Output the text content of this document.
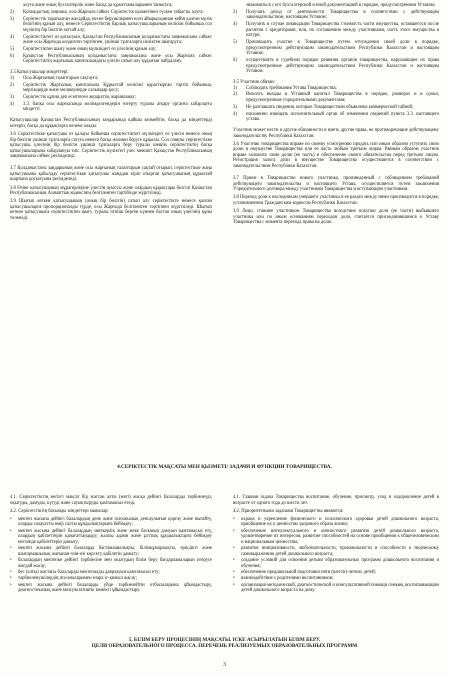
алуға және оның бухгалтерлік және басқа да құжаттамаларымен танысуға;
2)	Қоғамдастық заңнама, осы Жарғыға сәйкес Серіктестік қызметінен түскен табысты алуға;
3)	Серіктестік таратылған жағдайда, несие берушілермен есеп айырысқаннан кейін қалған мүлік бөлігінің құнын алу, немесе Серіктестіктің барлық қатысушыларының келісімі бойынша сол мүліктің бір бөлігін заттай алу;
4)	Серіктестіктегі өз қатысуын, Қазақстан Республикасының қолданыстағы заңнамасына сәйкес және осы Жарғыда көзделген тәртіппен, үшінші тұлғаларға иеліктен шығаруға;
5)	Серіктестіктен шығу және оның мүлкіндегі өз үлесінің құнын алу;
6)	Қазақстан Республикасының қолданыстағы заңнамасына және осы Жарғыға сәйкес Серіктестіктің жарғылық капиталындағы үлесін сатып алу құқығын пайдалану.

3.5 Қатысушылар міндеттері:

1)	Осы Жарғының талаптарын сақтауға;
2)	Серіктестік Жарғылық капиталына Құрылтай келісімі қарастырған тәртіп бойынша, мерзімдерде және мөлшерлерде салымдар қосу;
3)	Серіктестік құпия деп есептеген ақпаратты жарияламау;
4)	3.3. бапқа осы жарғысында мәлімделгендерін өзгерту туралы атқару органға хабарлауға міндетті.

Қатысушылар Қазақстан Республикасының заңдарында қайшы келмейтін, басқа да міндеттерді көтеріп, басқа да құқықтарға иелене алады.

3.6 Серіктестікке қатысушы өз қалауы бойынша серіктестіктегі мүлкіндегі өз үлесін немесе оның бір бөлігін үшінші тұлғаларға сатуға немесе басқа жолмен беруге құқылы. Сол сияқты серіктестікке қатысушы үлесінің бір бөлігін үшінші тұлғаларға беру туралы шешім серіктестіктің басқа қатысушыларына хабарлануы тиіс. Серіктестік мүліктегі үлес меншігі Қазақстан Республикасының заңнамасына сәйкес ресімделеді.

3.7 Қолданыстағы заңдарының және осы жарғының талаптарын сақтай отырып, серіктестікке жаңа қатысушыны қабылдау серіктестікке қатысушы жаңадан кіріп отырған қатысушының құрылтай шартына қосылуына ресімделеді.

3.8 Өзіне қатысушының мұрагерлеріне үлестің ауысуы және олардың құқықтары белгілі Қазақстан Республикасының Азаматтық кодексінің белгіленген тәртібінде жүргізіледі.

3.9 Шығып кеткен қатысушының (оның бір бөлігін) сатып алу серіктестікте немесе қалған қатысушыларға пропорционалды түрде, осы Жарғыда белгіленген тәртіппен жүргізіледі. Шығып кеткен қатысушыға серіктестіктен шығу туралы өтініш берген күннен бастап оның үлесінің құны төленеді.

знакомиться с его бухгалтерской и иной документацией в порядке, предусмотренном Уставом;
3)	Получать доход от деятельности Товарищества в соответствии с действующим законодательством, настоящим Уставом;
4)	Получить в случае ликвидации Товарищества стоимость части имущества, оставшегося после расчетов с кредиторами, или, по соглашению между участниками, часть этого имущества в натуре;
5)	Производить участие в Товариществе путем отчуждения своей доли в порядке, предусмотренном действующим законодательством Республики Казахстан и настоящим Уставом;
6)	осуществлять в судебном порядке решения органов товарищества, нарушающие их права предусмотренные действующим законодательством Республики Казахстан и настоящим Уставом.

3.5 Участник обязан:

1)	Соблюдать требования Устава Товарищества;
2)	Вносить вклады в Уставный капитал Товарищества в порядке, размерах и в сроки, предусмотренные учредительными документами;
3)	Не разглашать сведения, которые Товариществом объявлены коммерческой тайной;
4)	письменно извещать исполнительный орган об изменении сведений пункта 3.3. настоящего устава.

Участник может нести и другие обязанности и иметь другие права, не противоречащие действующему законодательству Республики Казахстан.

3.6 Участник товарищества вправе по своему усмотрению продать или иным образом уступить свою долю в имуществе Товарищества или ее часть любым третьим лицам. Равным образом участник вправе заложить свою долю (ее часть) в обеспечение своего обязательства перед третьим лицом. Регистрация залога доли в имуществе Товарищества осуществляется в соответствии с законодательством Республики Казахстан.

3.7 Прием в Товарищество нового участника, произведенный с соблюдением требований действующего законодательства и настоящего Устава, осуществляется путем заключения Учредительного договора между участником Товарищества и вступающим участником.

3.8 Переход доли к наследникам умершего участника и ее раздел между ними производится в порядке, установленном Гражданским кодексом Республики Казахстан.

3.9 Лицо, ставшее участником Товарищества вследствие покупки доли (ее части) выбывшего участника или по иным основаниям переходов доли, считается присоединившимся к Уставу Товарищества с момента перехода права на долю.

4.СЕРІКТЕСТІК МАҚСАТЫ МЕН ҚЫЗМЕТІ/ ЗАДАЧИ И ФУНКЦИИ ТОВАРИЩЕСТВА.

4.1. Серіктестіктің негізгі мақсат бір жастан алты (жеті) жасқа дейінгі балаларды тәрбиелеуді, оқытуды, дамуды, күтуді және сауықтыруды қамтамасыз етеді.

4.2. Серіктестіктің басымды міндеттері мыналар:

•	мектеп жасына дейінгі балалардың дене және психикалық денсаулығын қорғау және нығайту, оларды салауатты өмір салты құндылықтарына бейімдеу;
•	мектеп жасына дейінгі балалардың зияткерлік және жеке басының дамуын қамтамасыз ету, олардың қабілеттерін қанағаттандыру, жалпы адами және ұлттық құндылықтарға бейімдеу негізінде қабілеттерін дамыту;
•	мектеп жасына дейінгі балаларда бастамашылықты, білімқұмарлықты, ерікдікті және шығармашылық жағынан өзін-өзі көрсету қабілетін дамыту;
•	балалардың мектепке дейінгі тәрбиесіне мен оқытудың білім беру бағдарламаларын игеруге жағдай жасау;
•	бес (алты) жастағы балаларды мектепалды даярлауын қамтамасыз ету;
•	тәрбиеленушілердің ата-аналарымен өзара іс-қимыл жасау;
•	мектеп жасына дейінгі балаларды үйде тәрбиелейтін отбасыларына ұйымдастыру, диагностикалық және консультативтік көмекті ұйымдастыру.

4.1. Главная задача Товарищества воспитание, обучение, присмотр, уход и оздоровление детей в возрасте от одного года до шести лет.

4.2. Приоритетными задачами Товарищества являются:

•	охрана и укрепление физического и психического здоровья детей дошкольного возраста, приобщение их к ценностям здорового образа жизни;
•	обеспечение интеллектуального и личностного развития детей дошкольного возраста, удовлетворение их интересов, развитие способностей на основе приобщения к общечеловеческим и национальным ценностям;
•	развитие инициативности, любознательности, произвольности и способности к творческому самовыражению детей дошкольного возраста;
•	создание условий для освоения детьми образовательных программ дошкольного воспитания и обучения;
•	обеспечение предшкольной подготовки пяти (шести)-летних детей;
•	взаимодействие с родителями воспитанников;
•	организация методической, диагностической и консультативной помощи семьям, воспитывающим детей дошкольного возраста на дому.
5. БІЛІМ БЕРУ ПРОЦЕСІНІҢ МАҚСАТЫ. ІСКЕ АСЫРЫЛАТЫН БІЛІМ БЕРУ.
ЦЕЛИ ОБРАЗОВАТЕЛЬНОГО ПРОЦЕССА. ПЕРЕЧЕНЬ РЕАЛИЗУЕМЫХ ОБРАЗОВАТЕЛЬНЫХ ПРОГРАММ
3
